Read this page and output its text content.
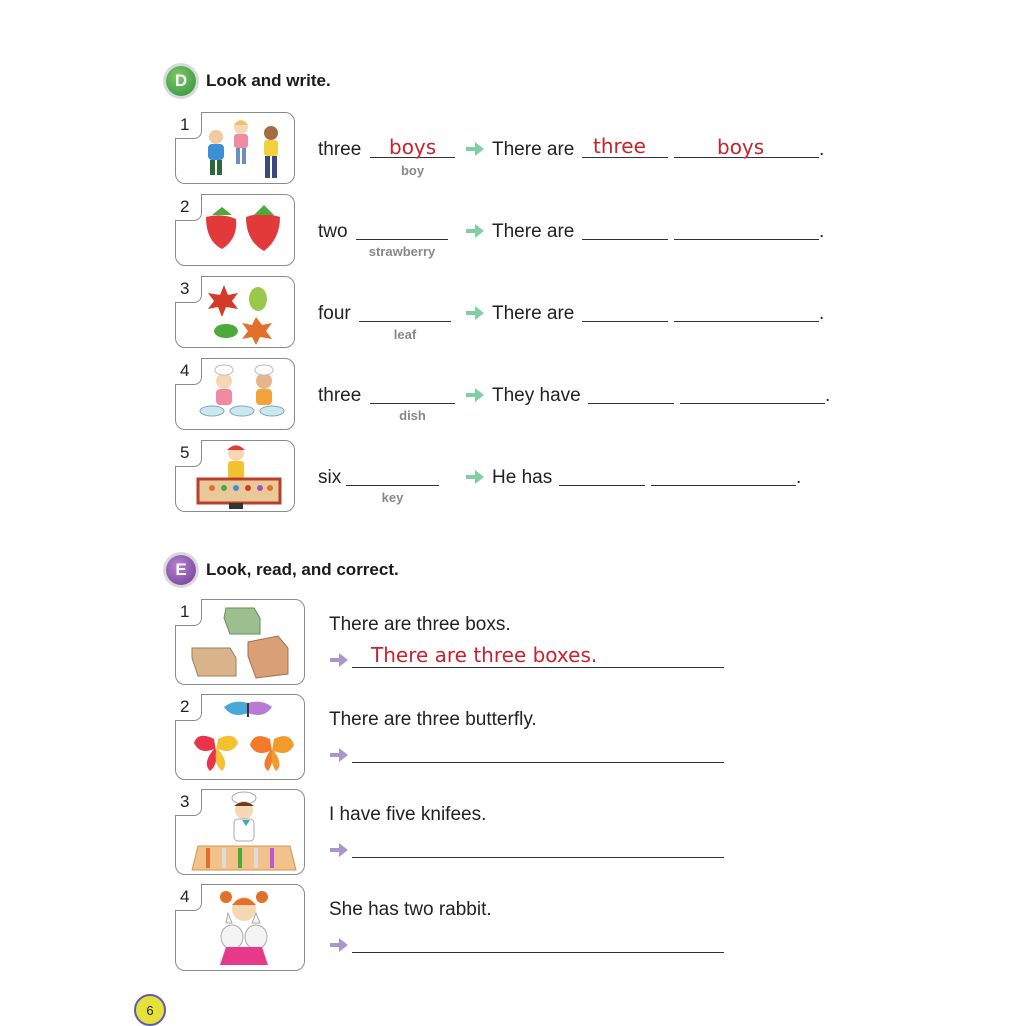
D	Look and write.
1
three boys
boy
There are three	boys	.
2
two
strawberry
There are	.
3
four
leaf
There are	.
4
three
dish
They have	.
5
six
key
He has	.
E	Look, read, and correct.
1
There are three boxs.
There are three boxes.
2
There are three butterfly.
3
I have five knifees.
4
She has two rabbit.
6
